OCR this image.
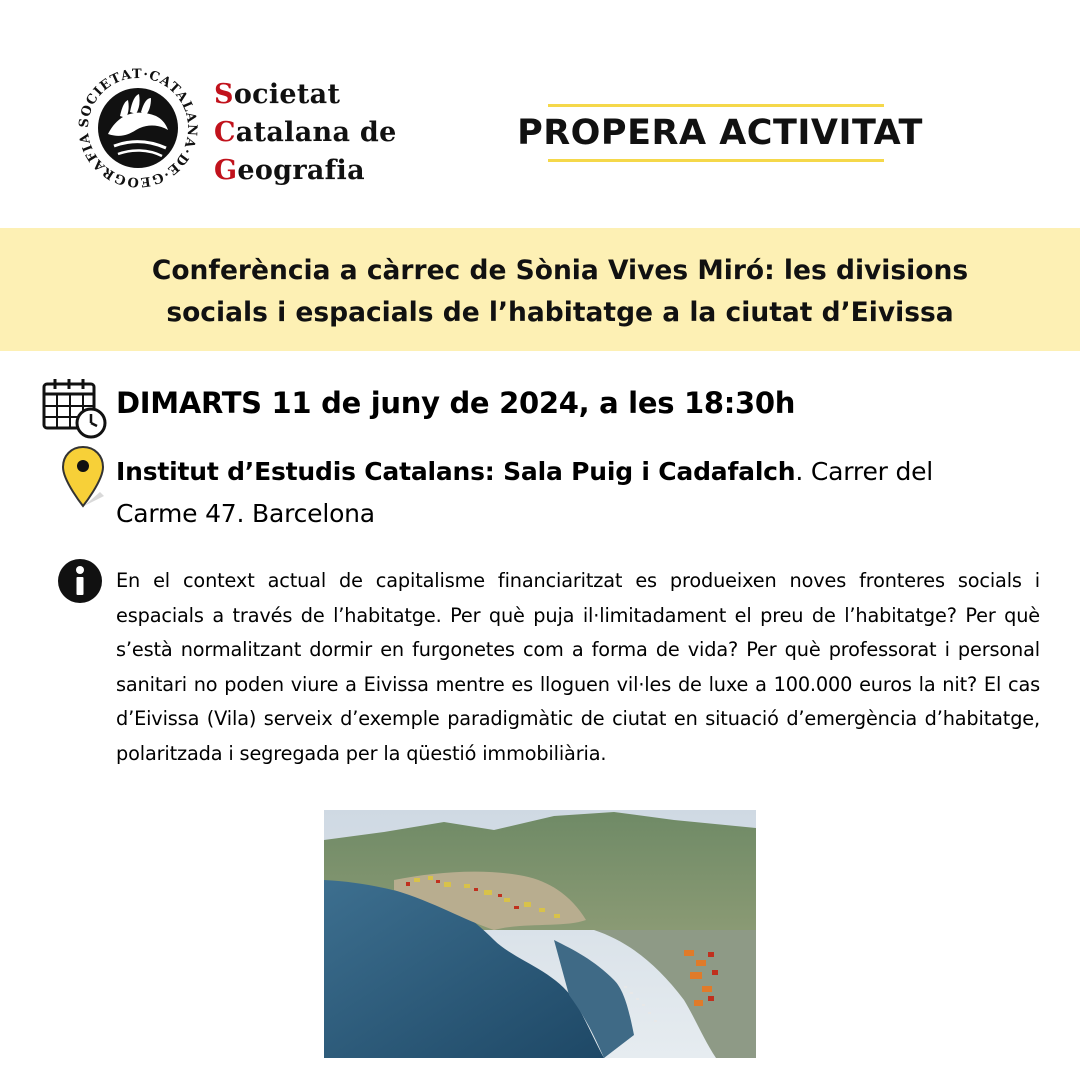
SOCIETAT·CATALANA·DE·GEOGRAFIA
Societat
Catalana de
Geografia
PROPERA ACTIVITAT
Conferència a càrrec de Sònia Vives Miró: les divisions
socials i espacials de l’habitatge a la ciutat d’Eivissa
DIMARTS 11 de juny de 2024, a les 18:30h
Institut d’Estudis Catalans: Sala Puig i Cadafalch. Carrer del Carme 47. Barcelona
En el context actual de capitalisme financiaritzat es produeixen noves fronteres socials i espacials a través de l’habitatge. Per què puja il·limitadament el preu de l’habitatge? Per què s’està normalitzant dormir en furgonetes com a forma de vida? Per què professorat i personal sanitari no poden viure a Eivissa mentre es lloguen vil·les de luxe a 100.000 euros la nit? El cas d’Eivissa (Vila) serveix d’exemple paradigmàtic de ciutat en situació d’emergència d’habitatge, polaritzada i segregada per la qüestió immobiliària.
